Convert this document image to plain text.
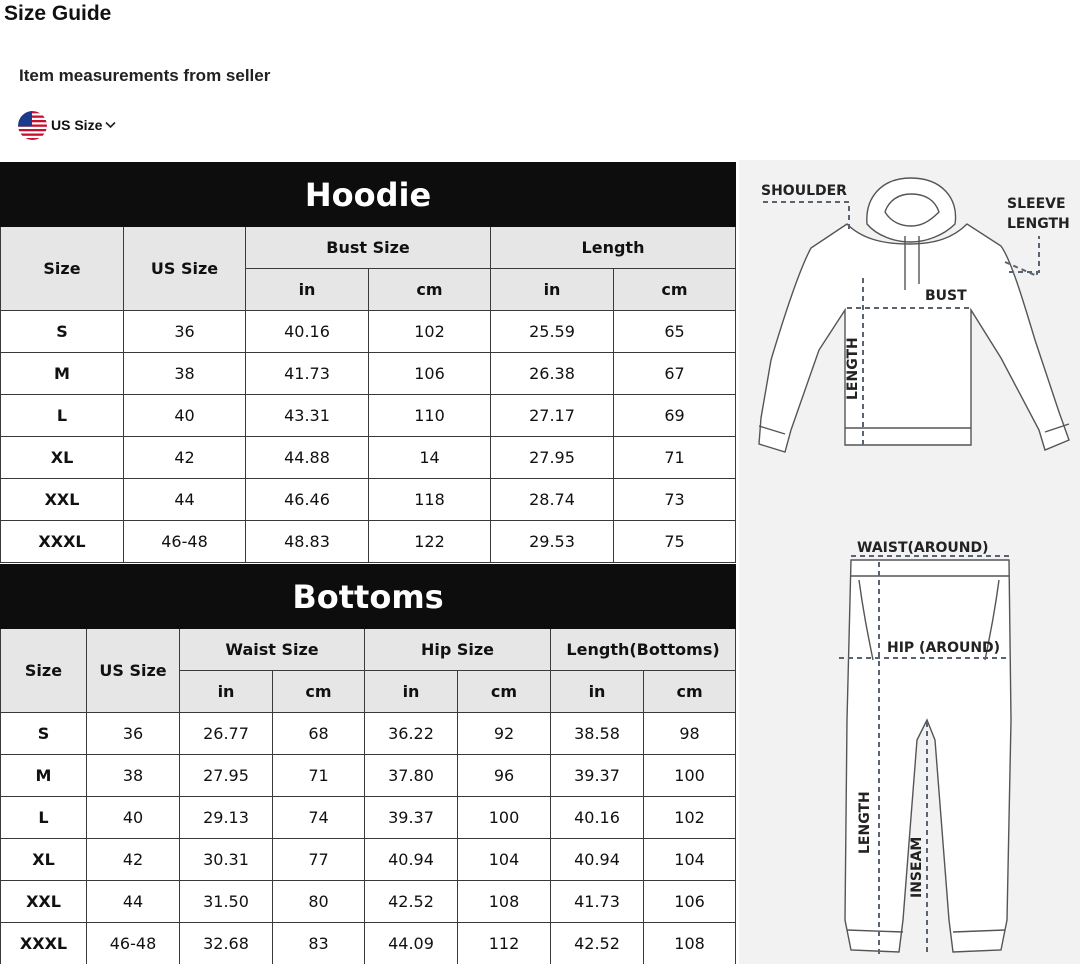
Size Guide
Item measurements from seller
US Size
Hoodie					
Size	US Size	Bust Size		Length	
		in	cm	in	cm
S	36	40.16	102	25.59	65
M	38	41.73	106	26.38	67
L	40	43.31	110	27.17	69
XL	42	44.88	14	27.95	71
XXL	44	46.46	118	28.74	73
XXXL	46-48	48.83	122	29.53	75
Bottoms							
Size	US Size	Waist Size		Hip Size		Length(Bottoms)	
		in	cm	in	cm	in	cm
S	36	26.77	68	36.22	92	38.58	98
M	38	27.95	71	37.80	96	39.37	100
L	40	29.13	74	39.37	100	40.16	102
XL	42	30.31	77	40.94	104	40.94	104
XXL	44	31.50	80	42.52	108	41.73	106
XXXL	46-48	32.68	83	44.09	112	42.52	108
SHOULDER
SLEEVE
LENGTH
BUST
LENGTH
WAIST(AROUND)
HIP (AROUND)
LENGTH
INSEAM
